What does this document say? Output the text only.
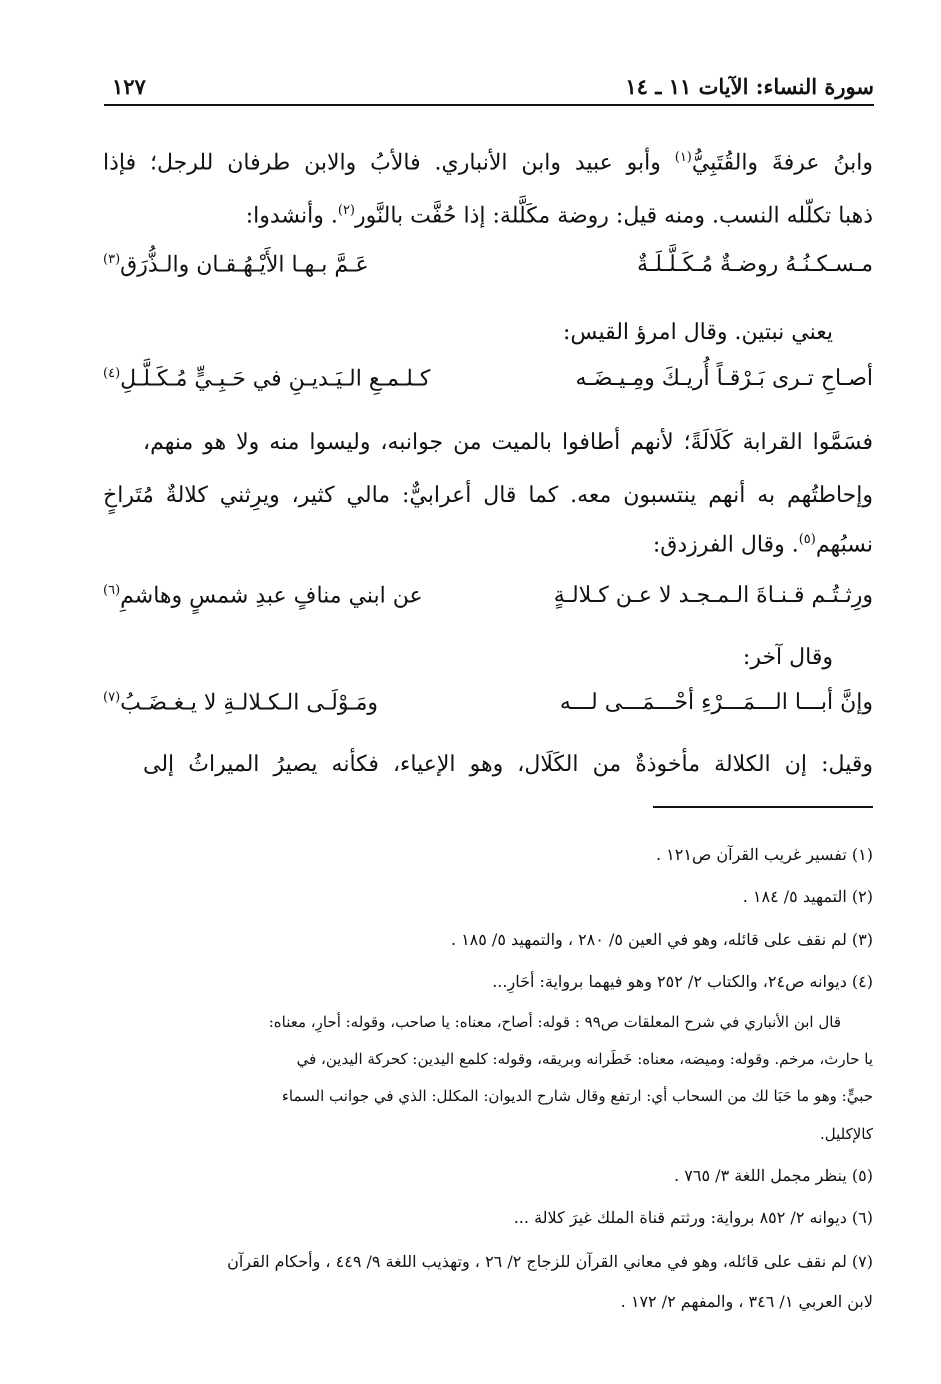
سورة النساء: الآيات ١١ ـ ١٤
١٢٧
وابنُ عرفةَ والقُتَبِيُّ$^{(١)}$ وأبو عبيد وابن الأنباري. فالأبُ والابن طرفان للرجل؛ فإذا
ذهبا تكلّله النسب. ومنه قيل: روضة مكَلَّلة: إذا حُفَّت بالنَّور$^{(٢)}$. وأنشدوا:
مـسـكـنُـهُ روضـةٌ مُـكَـلَّـلَـةٌ
عَـمَّ بـهـا الأَيْـهُـقـان والـذُّرَق$^{(٣)}$
يعني نبتين. وقال امرؤ القيس:
أصـاحِ تـرى بَـرْقـاً أُريـكَ ومِـيـضَـه
كـلـمـعِ الـيَـديـنِ في حَـبِـيٍّ مُـكَـلَّـلِ$^{(٤)}$
فسَمَّوا القرابة كَلَالَةً؛ لأنهم أطافوا بالميت من جوانبه، وليسوا منه ولا هو منهم،
وإحاطتُهم به أنهم ينتسبون معه. كما قال أعرابيٌّ: مالي كثير، ويرِثني كلالةٌ مُتَراخٍ
نسبُهم$^{(٥)}$. وقال الفرزدق:
ورِثـتُـم قـنـاةَ الـمـجـد لا عـن كـلالـةٍ
عن ابني منافٍ عبدِ شمسٍ وهاشمِ$^{(٦)}$
وقال آخر:
وإنَّ أبـــا الـــمَـــرْءِ أحْـــمَـــى لـــه
ومَـوْلَـى الـكـلالـةِ لا يـغـضَـبُ$^{(٧)}$
وقيل: إن الكلالة مأخوذةٌ من الكَلَال، وهو الإعياء، فكأنه يصيرُ الميراثُ إلى
(١) تفسير غريب القرآن ص١٢١ .
(٢) التمهيد ٥/ ١٨٤ .
(٣) لم نقف على قائله، وهو في العين ٥/ ٢٨٠ ، والتمهيد ٥/ ١٨٥ .
(٤) ديوانه ص٢٤، والكتاب ٢/ ٢٥٢ وهو فيهما برواية: أحَارِ...
قال ابن الأنباري في شرح المعلقات ص٩٩ : قوله: أصاح، معناه: يا صاحب، وقوله: أحارِ، معناه:
يا حارث، مرخم. وقوله: وميضه، معناه: خَطَرانه وبريقه، وقوله: كلمع اليدين: كحركة اليدين، في
حبيٍّ: وهو ما حَبَا لك من السحاب أي: ارتفع وقال شارح الديوان: المكلل: الذي في جوانب السماء
كالإكليل.
(٥) ينظر مجمل اللغة ٣/ ٧٦٥ .
(٦) ديوانه ٢/ ٨٥٢ برواية: ورثتم قناة الملك غيرَ كلالة ...
(٧) لم نقف على قائله، وهو في معاني القرآن للزجاج ٢/ ٢٦ ، وتهذيب اللغة ٩/ ٤٤٩ ، وأحكام القرآن
لابن العربي ١/ ٣٤٦ ، والمفهم ٢/ ١٧٢ .
